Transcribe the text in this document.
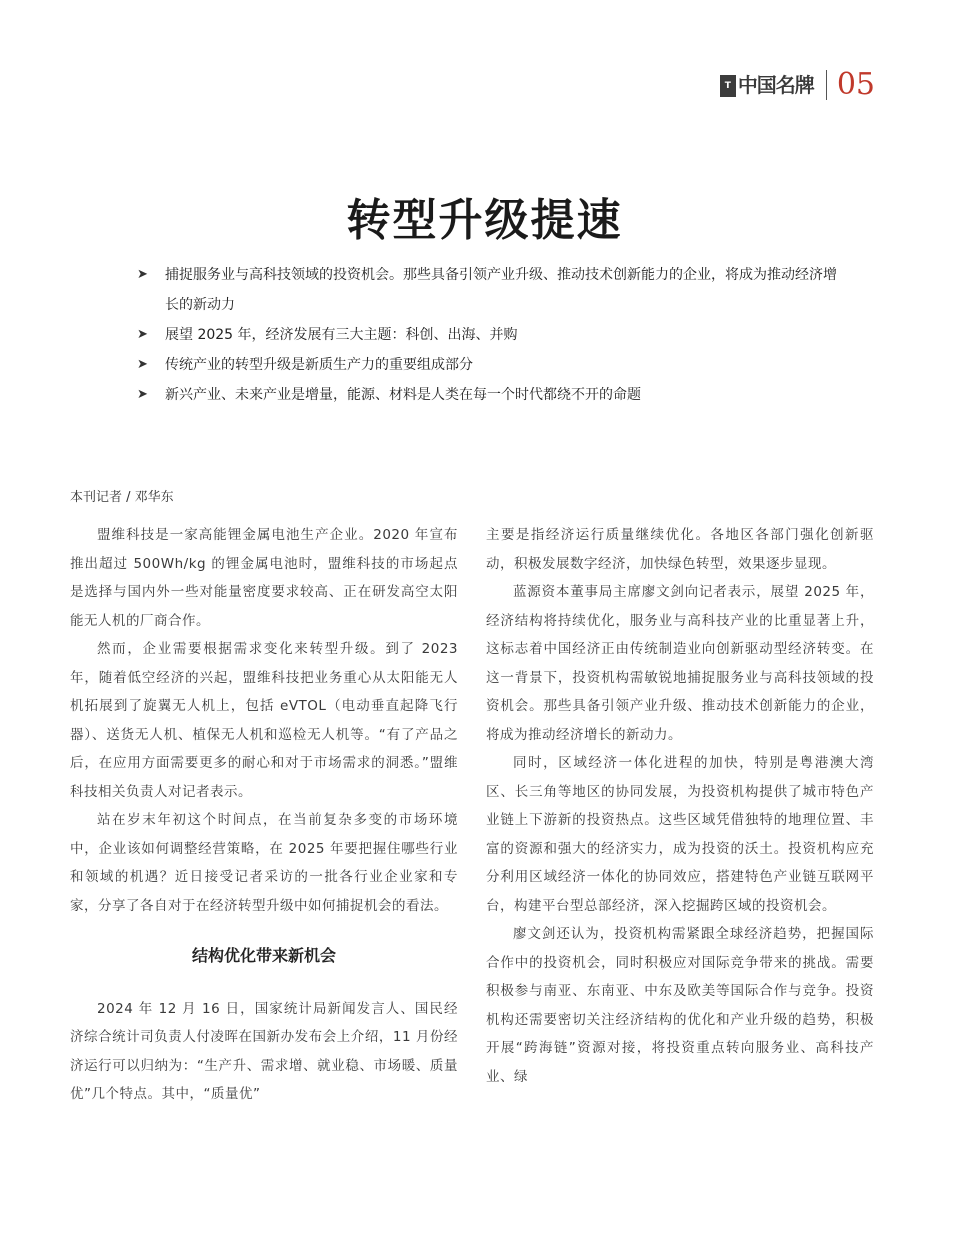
T 中国名牌 05
转型升级提速
➤	捕捉服务业与高科技领域的投资机会。那些具备引领产业升级、推动技术创新能力的企业，将成为推动经济增长的新动力
➤	展望 2025 年，经济发展有三大主题：科创、出海、并购
➤	传统产业的转型升级是新质生产力的重要组成部分
➤	新兴产业、未来产业是增量，能源、材料是人类在每一个时代都绕不开的命题
本刊记者 / 邓华东

盟维科技是一家高能锂金属电池生产企业。2020 年宣布推出超过 500Wh/kg 的锂金属电池时，盟维科技的市场起点是选择与国内外一些对能量密度要求较高、正在研发高空太阳能无人机的厂商合作。

然而，企业需要根据需求变化来转型升级。到了 2023 年，随着低空经济的兴起，盟维科技把业务重心从太阳能无人机拓展到了旋翼无人机上，包括 eVTOL（电动垂直起降飞行器）、送货无人机、植保无人机和巡检无人机等。“有了产品之后，在应用方面需要更多的耐心和对于市场需求的洞悉。”盟维科技相关负责人对记者表示。

站在岁末年初这个时间点，在当前复杂多变的市场环境中，企业该如何调整经营策略，在 2025 年要把握住哪些行业和领域的机遇？近日接受记者采访的一批各行业企业家和专家，分享了各自对于在经济转型升级中如何捕捉机会的看法。

结构优化带来新机会

2024 年 12 月 16 日，国家统计局新闻发言人、国民经济综合统计司负责人付凌晖在国新办发布会上介绍，11 月份经济运行可以归纳为：“生产升、需求增、就业稳、市场暖、质量优”几个特点。其中，“质量优”

主要是指经济运行质量继续优化。各地区各部门强化创新驱动，积极发展数字经济，加快绿色转型，效果逐步显现。

蓝源资本董事局主席廖文剑向记者表示，展望 2025 年，经济结构将持续优化，服务业与高科技产业的比重显著上升，这标志着中国经济正由传统制造业向创新驱动型经济转变。在这一背景下，投资机构需敏锐地捕捉服务业与高科技领域的投资机会。那些具备引领产业升级、推动技术创新能力的企业，将成为推动经济增长的新动力。

同时，区域经济一体化进程的加快，特别是粤港澳大湾区、长三角等地区的协同发展，为投资机构提供了城市特色产业链上下游新的投资热点。这些区域凭借独特的地理位置、丰富的资源和强大的经济实力，成为投资的沃土。投资机构应充分利用区域经济一体化的协同效应，搭建特色产业链互联网平台，构建平台型总部经济，深入挖掘跨区域的投资机会。

廖文剑还认为，投资机构需紧跟全球经济趋势，把握国际合作中的投资机会，同时积极应对国际竞争带来的挑战。需要积极参与南亚、东南亚、中东及欧美等国际合作与竞争。投资机构还需要密切关注经济结构的优化和产业升级的趋势，积极开展“跨海链”资源对接，将投资重点转向服务业、高科技产业、绿
